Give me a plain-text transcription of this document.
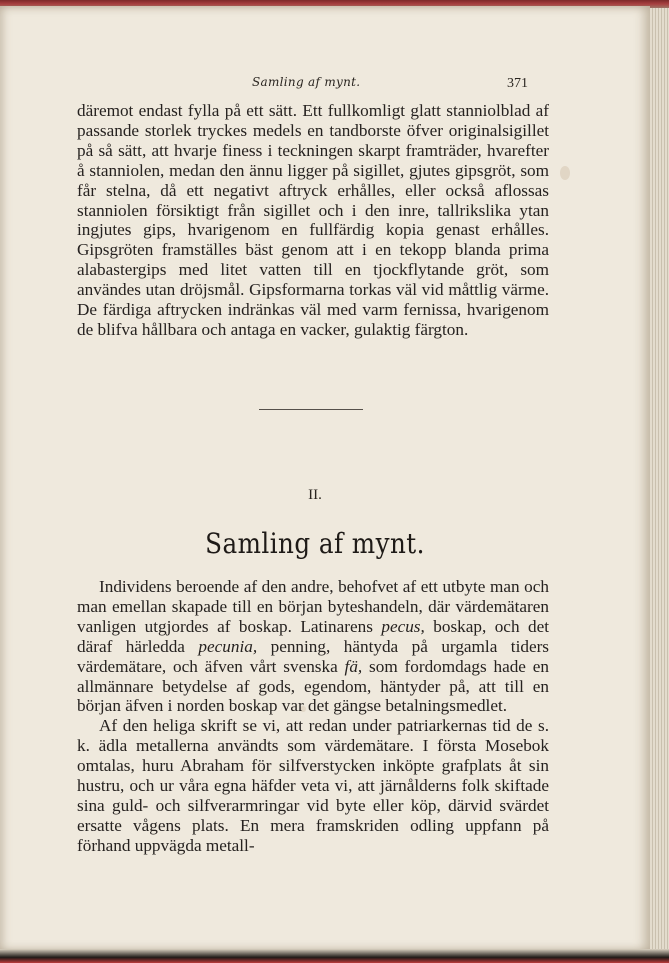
Samling af mynt.	371

däremot endast fylla på ett sätt. Ett fullkomligt glatt stanniolblad af passande storlek tryckes medels en tandborste öfver originalsigillet på så sätt, att hvarje finess i teckningen skarpt framträder, hvarefter å stanniolen, medan den ännu ligger på sigillet, gjutes gipsgröt, som får stelna, då ett negativt aftryck erhålles, eller också aflossas stanniolen försiktigt från sigillet och i den inre, tallrikslika ytan ingjutes gips, hvarigenom en fullfärdig kopia genast erhålles. Gipsgröten framställes bäst genom att i en tekopp blanda prima alabastergips med litet vatten till en tjockflytande gröt, som användes utan dröjsmål. Gipsformarna torkas väl vid måttlig värme. De färdiga aftrycken indränkas väl med varm fernissa, hvarigenom de blifva hållbara och antaga en vacker, gulaktig färgton.

II.
Samling af mynt.

Individens beroende af den andre, behofvet af ett utbyte man och man emellan skapade till en början byteshandeln, där värdemätaren vanligen utgjordes af boskap. Latinarens pecus, boskap, och det däraf härledda pecunia, penning, häntyda på urgamla tiders värdemätare, och äfven vårt svenska fä, som fordomdags hade en allmännare betydelse af gods, egendom, häntyder på, att till en början äfven i norden boskap var det gängse betalningsmedlet.

Af den heliga skrift se vi, att redan under patriarkernas tid de s. k. ädla metallerna användts som värdemätare. I första Mosebok omtalas, huru Abraham för silfverstycken inköpte grafplats åt sin hustru, och ur våra egna häfder veta vi, att järnålderns folk skiftade sina guld- och silfverarmringar vid byte eller köp, därvid svärdet ersatte vågens plats. En mera framskriden odling uppfann på förhand uppvägda metall-
